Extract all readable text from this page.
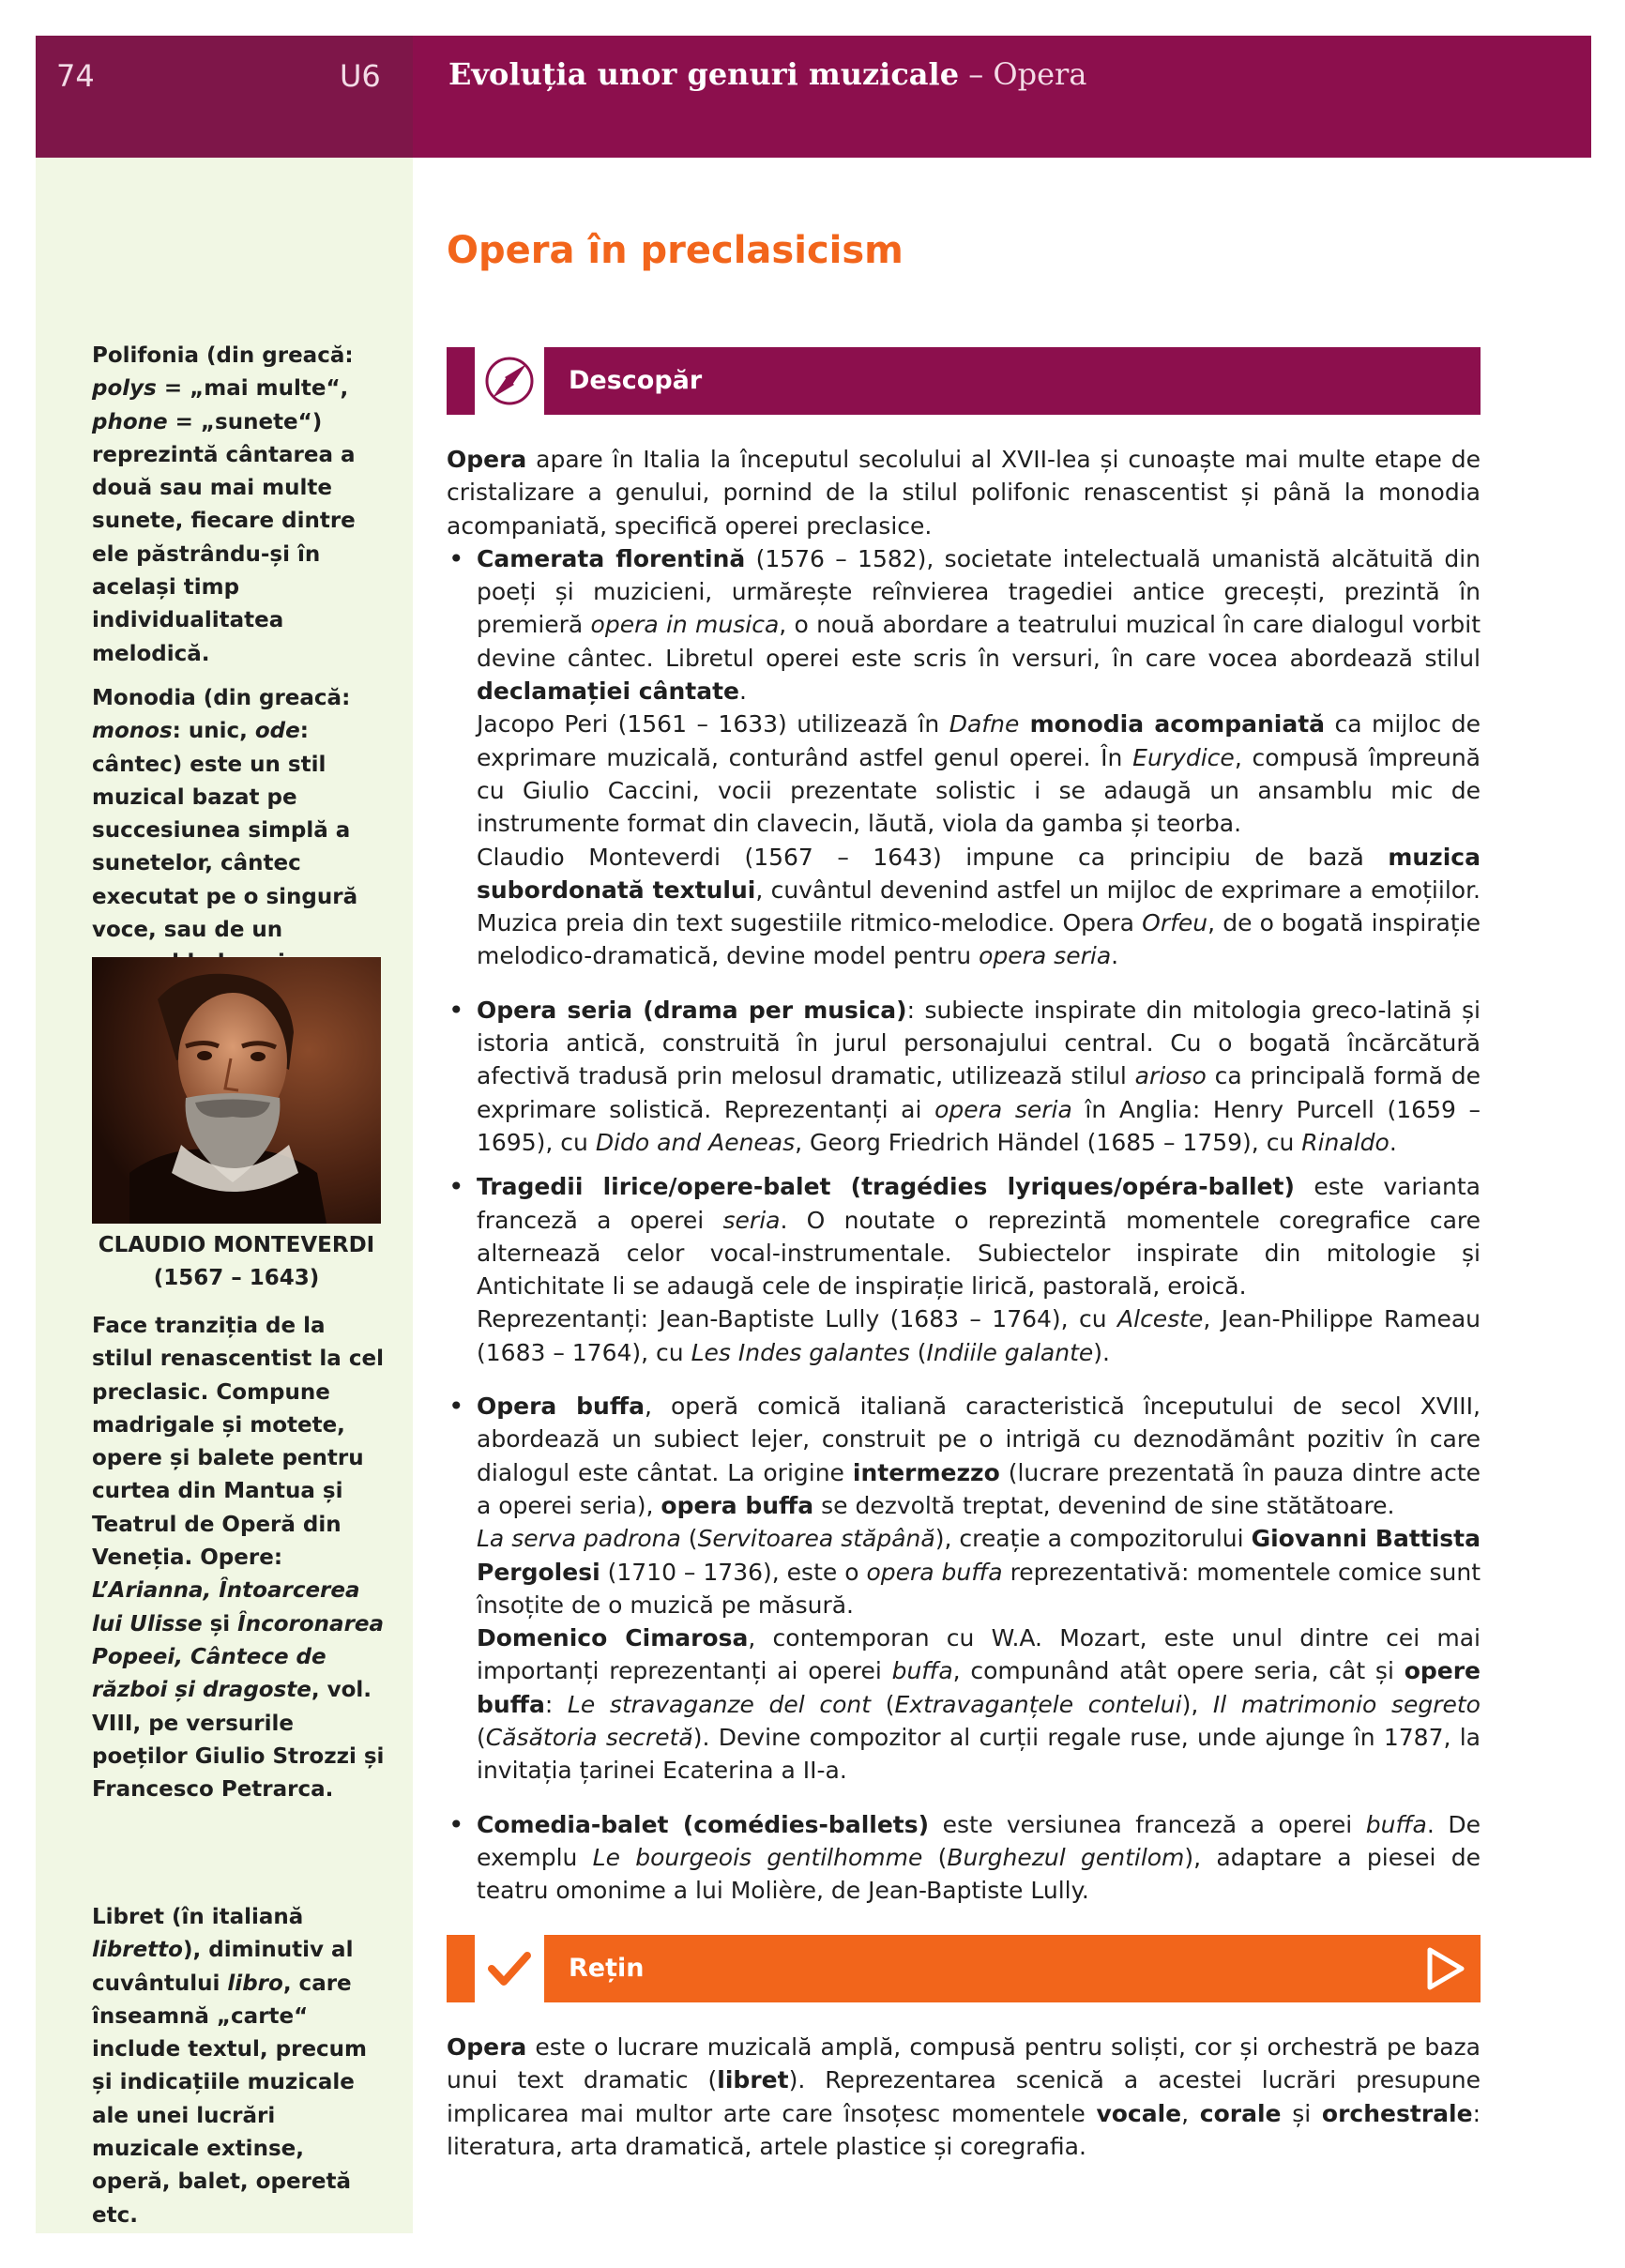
74	U6	Evoluția unor genuri muzicale – Opera
Opera în preclasicism

Polifonia (din greacă: polys = „mai multe“, phone = „sunete“) reprezintă cântarea a două sau mai multe sunete, fiecare dintre ele păstrându-și în același timp individualitatea melodică.

Monodia (din greacă: monos: unic, ode: cântec) este un stil muzical bazat pe succesiunea simplă a sunetelor, cântec executat pe o singură voce, sau de un

CLAUDIO MONTEVERDI
(1567 – 1643)

Face tranziția de la stilul renascentist la cel preclasic. Compune madrigale și motete, opere și balete pentru curtea din Mantua și Teatrul de Operă din Veneția. Opere: L’Arianna, Întoarcerea lui Ulisse și Încoronarea Popeei, Cântece de război și dragoste, vol. VIII, pe versurile poeților Giulio Strozzi și Francesco Petrarca.

Libret (în italiană libretto), diminutiv al cuvântului libro, care înseamnă „carte“ include textul, precum și indicațiile muzicale ale unei lucrări muzicale extinse, operă, balet, operetă etc.

Descopăr

Opera apare în Italia la începutul secolului al XVII-lea și cunoaște mai multe etape de cristalizare a genului, pornind de la stilul polifonic renascentist și până la monodia acompaniată, specifică operei preclasice.

• Camerata florentină (1576 – 1582), societate intelectuală umanistă alcătuită din poeți și muzicieni, urmărește reînvierea tragediei antice grecești, prezintă în premieră opera in musica, o nouă abordare a teatrului muzical în care dialogul vorbit devine cântec. Libretul operei este scris în versuri, în care vocea abordează stilul declamației cântate.

Jacopo Peri (1561 – 1633) utilizează în Dafne monodia acompaniată ca mijloc de exprimare muzicală, conturând astfel genul operei. În Eurydice, compusă împreună cu Giulio Caccini, vocii prezentate solistic i se adaugă un ansamblu mic de instrumente format din clavecin, lăută, viola da gamba și teorba.

Claudio Monteverdi (1567 – 1643) impune ca principiu de bază muzica subordonată textului, cuvântul devenind astfel un mijloc de exprimare a emoțiilor. Muzica preia din text sugestiile ritmico-melodice. Opera Orfeu, de o bogată inspirație melodico-dramatică, devine model pentru opera seria.

• Opera seria (drama per musica): subiecte inspirate din mitologia greco-latină și istoria antică, construită în jurul personajului central. Cu o bogată încărcătură afectivă tradusă prin melosul dramatic, utilizează stilul arioso ca principală formă de exprimare solistică. Reprezentanți ai opera seria în Anglia: Henry Purcell (1659 – 1695), cu Dido and Aeneas, Georg Friedrich Händel (1685 – 1759), cu Rinaldo.

• Tragedii lirice/opere-balet (tragédies lyriques/opéra-ballet) este varianta franceză a operei seria. O noutate o reprezintă momentele coregrafice care alternează celor vocal-instrumentale. Subiectelor inspirate din mitologie și Antichitate li se adaugă cele de inspirație lirică, pastorală, eroică.
Reprezentanți: Jean-Baptiste Lully (1683 – 1764), cu Alceste, Jean-Philippe Rameau (1683 – 1764), cu Les Indes galantes (Indiile galante).

• Opera buffa, operă comică italiană caracteristică începutului de secol XVIII, abordează un subiect lejer, construit pe o intrigă cu deznodământ pozitiv în care dialogul este cântat. La origine intermezzo (lucrare prezentată în pauza dintre acte a operei seria), opera buffa se dezvoltă treptat, devenind de sine stătătoare.

La serva padrona (Servitoarea stăpână), creație a compozitorului Giovanni Battista Pergolesi (1710 – 1736), este o opera buffa reprezentativă: momentele comice sunt însoțite de o muzică pe măsură.

Domenico Cimarosa, contemporan cu W.A. Mozart, este unul dintre cei mai importanți reprezentanți ai operei buffa, compunând atât opere seria, cât și opere buffa: Le stravaganze del cont (Extravaganțele contelui), Il matrimonio segreto (Căsătoria secretă). Devine compozitor al curții regale ruse, unde ajunge în 1787, la invitația țarinei Ecaterina a II-a.

• Comedia-balet (comédies-ballets) este versiunea franceză a operei buffa. De exemplu Le bourgeois gentilhomme (Burghezul gentilom), adaptare a piesei de teatru omonime a lui Molière, de Jean-Baptiste Lully.

Rețin

Opera este o lucrare muzicală amplă, compusă pentru soliști, cor și orchestră pe baza unui text dramatic (libret). Reprezentarea scenică a acestei lucrări presupune implicarea mai multor arte care însoțesc momentele vocale, corale și orchestrale: literatura, arta dramatică, artele plastice și coregrafia.
